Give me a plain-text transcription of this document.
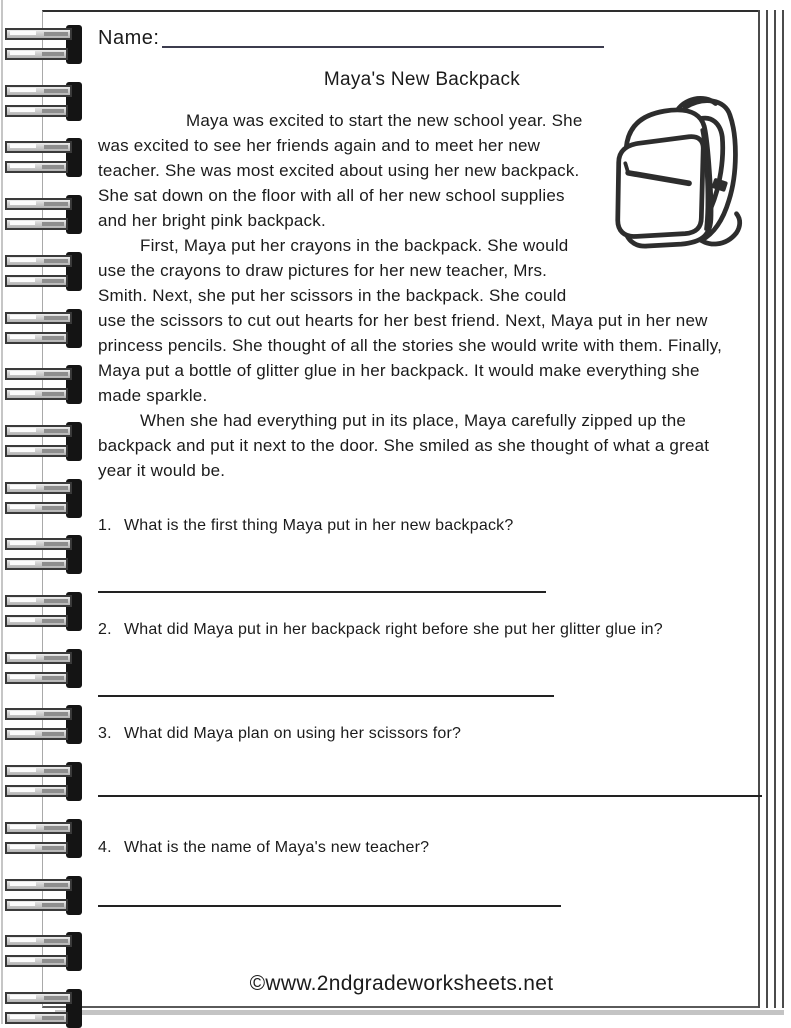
Name:
Maya's New Backpack

Maya was excited to start the new school year. She was excited to see her friends again and to meet her new teacher. She was most excited about using her new backpack. She sat down on the floor with all of her new school supplies and her bright pink backpack.

First, Maya put her crayons in the backpack. She would use the crayons to draw pictures for her new teacher, Mrs. Smith. Next, she put her scissors in the backpack. She could use the scissors to cut out hearts for her best friend. Next, Maya put in her new princess pencils. She thought of all the stories she would write with them. Finally, Maya put a bottle of glitter glue in her backpack. It would make everything she made sparkle.

When she had everything put in its place, Maya carefully zipped up the backpack and put it next to the door. She smiled as she thought of what a great year it would be.

1. What is the first thing Maya put in her new backpack?
2. What did Maya put in her backpack right before she put her glitter glue in?
3. What did Maya plan on using her scissors for?
4. What is the name of Maya's new teacher?
©www.2ndgradeworksheets.net
